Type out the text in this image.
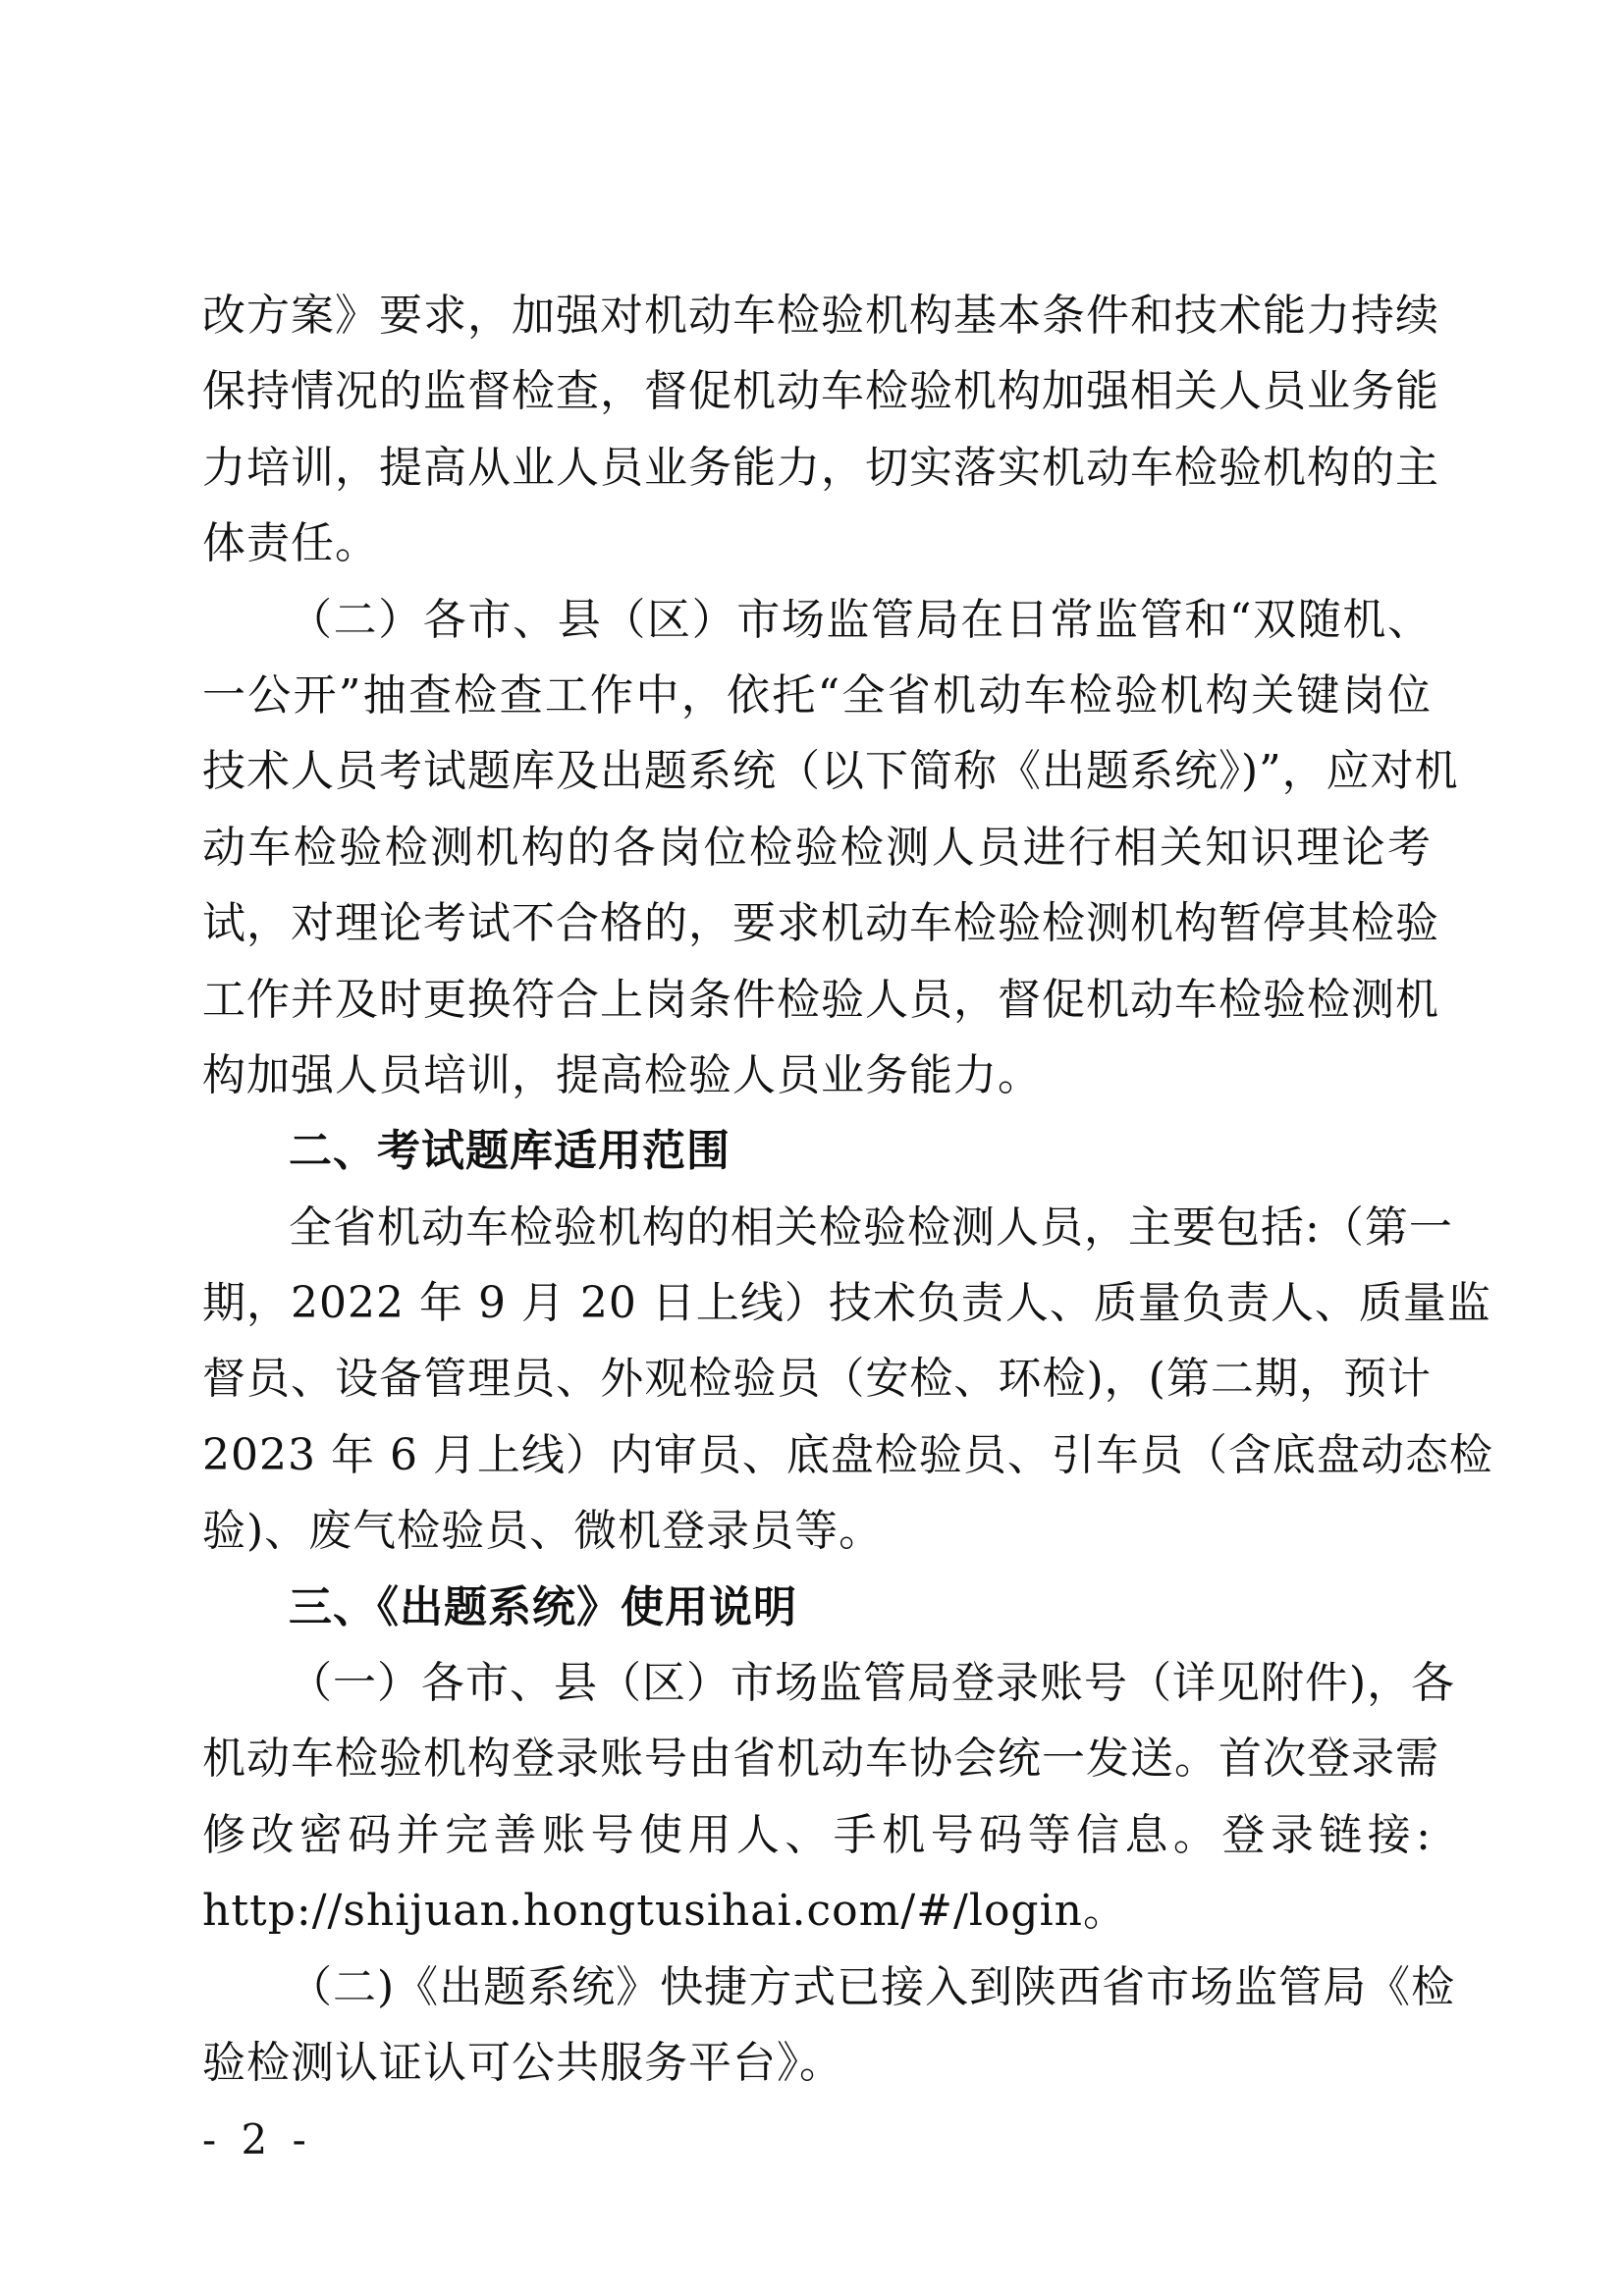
改方案》要求，加强对机动车检验机构基本条件和技术能力持续
保持情况的监督检查，督促机动车检验机构加强相关人员业务能
力培训，提高从业人员业务能力，切实落实机动车检验机构的主
体责任。
（二）各市、县（区）市场监管局在日常监管和“双随机、
一公开”抽查检查工作中，依托“全省机动车检验机构关键岗位
技术人员考试题库及出题系统（以下简称《出题系统》)”，应对机
动车检验检测机构的各岗位检验检测人员进行相关知识理论考
试，对理论考试不合格的，要求机动车检验检测机构暂停其检验
工作并及时更换符合上岗条件检验人员，督促机动车检验检测机
构加强人员培训，提高检验人员业务能力。
二、考试题库适用范围
全省机动车检验机构的相关检验检测人员，主要包括:（第一
期，2022 年 9 月 20 日上线）技术负责人、质量负责人、质量监
督员、设备管理员、外观检验员（安检、环检)，(第二期，预计
2023 年 6 月上线）内审员、底盘检验员、引车员（含底盘动态检
验)、废气检验员、微机登录员等。
三、《出题系统》使用说明
（一）各市、县（区）市场监管局登录账号（详见附件)，各
机动车检验机构登录账号由省机动车协会统一发送。首次登录需
修改密码并完善账号使用人、手机号码等信息。登录链接:
http://shijuan.hongtusihai.com/#/login。
（二)《出题系统》快捷方式已接入到陕西省市场监管局《检
验检测认证认可公共服务平台》。
- 2 -
